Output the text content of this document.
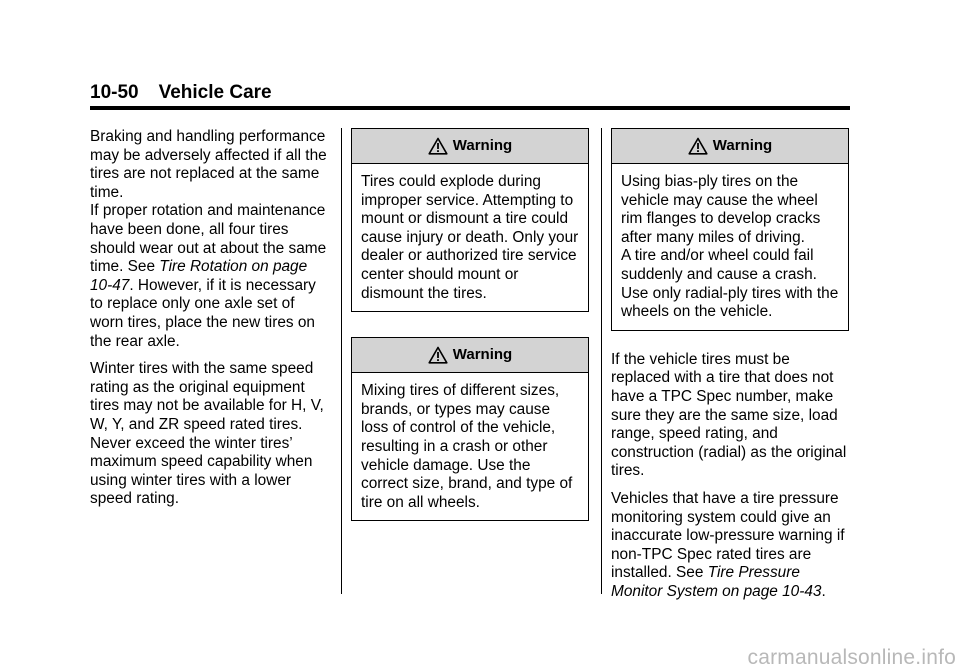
10-50 Vehicle Care

Braking and handling performance may be adversely affected if all the tires are not replaced at the same time.
If proper rotation and maintenance have been done, all four tires should wear out at about the same time. See Tire Rotation on page 10-47. However, if it is necessary to replace only one axle set of worn tires, place the new tires on the rear axle.

Winter tires with the same speed rating as the original equipment tires may not be available for H, V, W, Y, and ZR speed rated tires. Never exceed the winter tires’ maximum speed capability when using winter tires with a lower speed rating.

Warning

Tires could explode during improper service. Attempting to mount or dismount a tire could cause injury or death. Only your dealer or authorized tire service center should mount or dismount the tires.

Warning

Mixing tires of different sizes, brands, or types may cause loss of control of the vehicle, resulting in a crash or other vehicle damage. Use the correct size, brand, and type of tire on all wheels.

Warning

Using bias-ply tires on the vehicle may cause the wheel rim flanges to develop cracks after many miles of driving.

A tire and/or wheel could fail suddenly and cause a crash. Use only radial-ply tires with the wheels on the vehicle.

If the vehicle tires must be replaced with a tire that does not have a TPC Spec number, make sure they are the same size, load range, speed rating, and construction (radial) as the original tires.

Vehicles that have a tire pressure monitoring system could give an inaccurate low-pressure warning if non-TPC Spec rated tires are installed. See Tire Pressure Monitor System on page 10-43.

carmanualsonline.info
